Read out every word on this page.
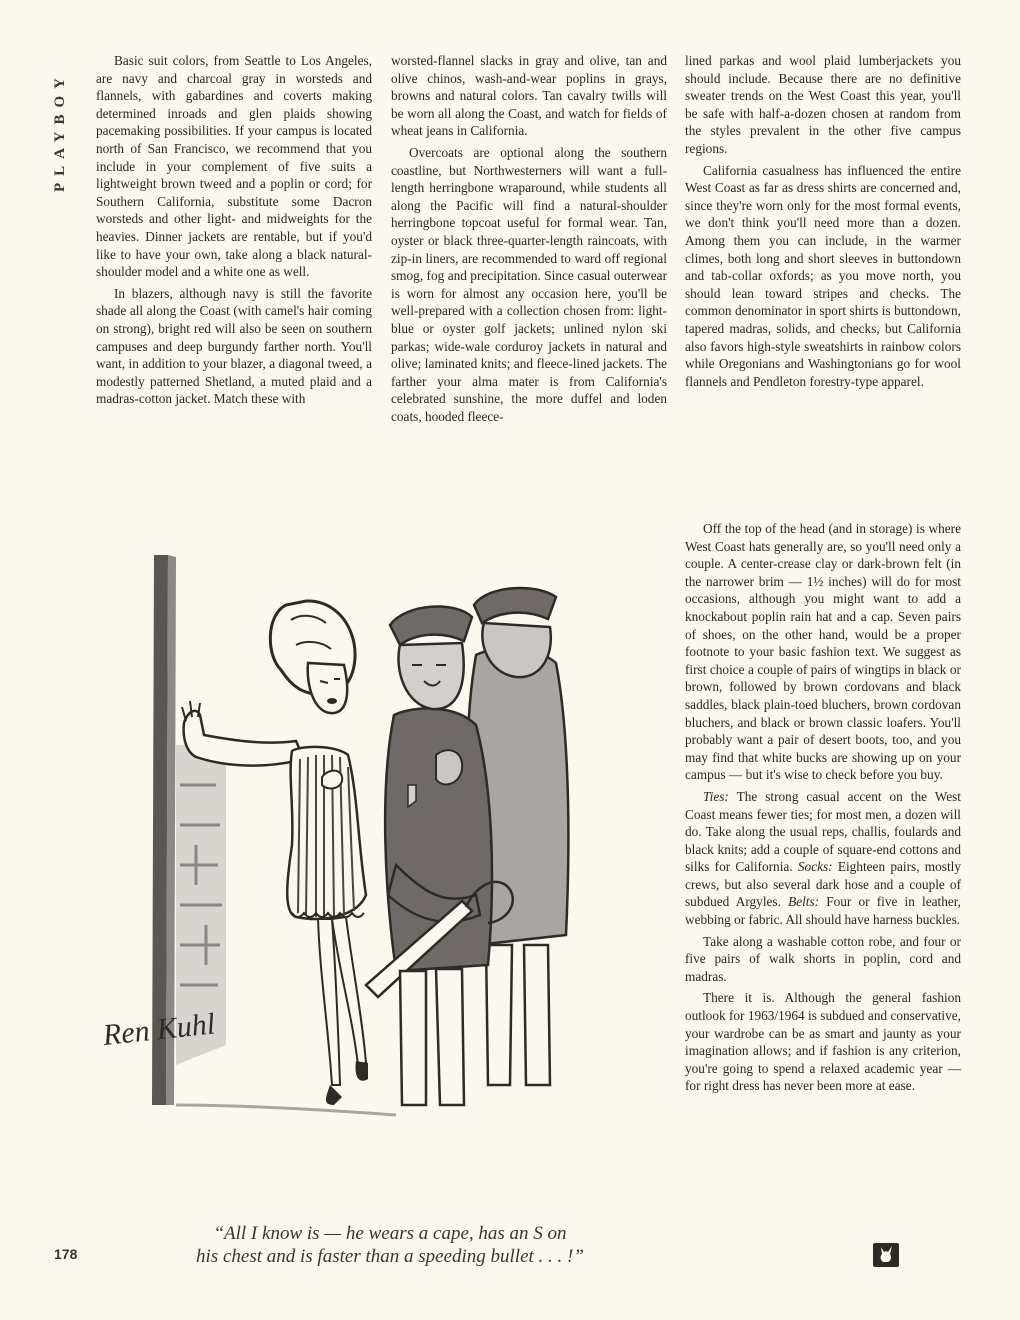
PLAYBOY

Basic suit colors, from Seattle to Los Angeles, are navy and charcoal gray in worsteds and flannels, with gabardines and coverts making determined inroads and glen plaids showing pacemaking possibilities. If your campus is located north of San Francisco, we recommend that you include in your complement of five suits a lightweight brown tweed and a poplin or cord; for Southern California, substitute some Dacron worsteds and other light- and midweights for the heavies. Dinner jackets are rentable, but if you'd like to have your own, take along a black natural-shoulder model and a white one as well.

In blazers, although navy is still the favorite shade all along the Coast (with camel's hair coming on strong), bright red will also be seen on southern campuses and deep burgundy farther north. You'll want, in addition to your blazer, a diagonal tweed, a modestly patterned Shetland, a muted plaid and a madras-cotton jacket. Match these with

worsted-flannel slacks in gray and olive, tan and olive chinos, wash-and-wear poplins in grays, browns and natural colors. Tan cavalry twills will be worn all along the Coast, and watch for fields of wheat jeans in California.

Overcoats are optional along the southern coastline, but Northwesterners will want a full-length herringbone wraparound, while students all along the Pacific will find a natural-shoulder herringbone topcoat useful for formal wear. Tan, oyster or black three-quarter-length raincoats, with zip-in liners, are recommended to ward off regional smog, fog and precipitation. Since casual outerwear is worn for almost any occasion here, you'll be well-prepared with a collection chosen from: light-blue or oyster golf jackets; unlined nylon ski parkas; wide-wale corduroy jackets in natural and olive; laminated knits; and fleece-lined jackets. The farther your alma mater is from California's celebrated sunshine, the more duffel and loden coats, hooded fleece-

lined parkas and wool plaid lumberjackets you should include. Because there are no definitive sweater trends on the West Coast this year, you'll be safe with half-a-dozen chosen at random from the styles prevalent in the other five campus regions.

California casualness has influenced the entire West Coast as far as dress shirts are concerned and, since they're worn only for the most formal events, we don't think you'll need more than a dozen. Among them you can include, in the warmer climes, both long and short sleeves in buttondown and tab-collar oxfords; as you move north, you should lean toward stripes and checks. The common denominator in sport shirts is buttondown, tapered madras, solids, and checks, but California also favors high-style sweatshirts in rainbow colors while Oregonians and Washingtonians go for wool flannels and Pendleton forestry-type apparel.

Off the top of the head (and in storage) is where West Coast hats generally are, so you'll need only a couple. A center-crease clay or dark-brown felt (in the narrower brim — 1½ inches) will do for most occasions, although you might want to add a knockabout poplin rain hat and a cap. Seven pairs of shoes, on the other hand, would be a proper footnote to your basic fashion text. We suggest as first choice a couple of pairs of wingtips in black or brown, followed by brown cordovans and black saddles, black plain-toed bluchers, brown cordovan bluchers, and black or brown classic loafers. You'll probably want a pair of desert boots, too, and you may find that white bucks are showing up on your campus — but it's wise to check before you buy.

Ties: The strong casual accent on the West Coast means fewer ties; for most men, a dozen will do. Take along the usual reps, challis, foulards and black knits; add a couple of square-end cottons and silks for California. Socks: Eighteen pairs, mostly crews, but also several dark hose and a couple of subdued Argyles. Belts: Four or five in leather, webbing or fabric. All should have harness buckles.

Take along a washable cotton robe, and four or five pairs of walk shorts in poplin, cord and madras.

There it is. Although the general fashion outlook for 1963/1964 is subdued and conservative, your wardrobe can be as smart and jaunty as your imagination allows; and if fashion is any criterion, you're going to spend a relaxed academic year — for right dress has never been more at ease.

Ren Kuhl
“All I know is — he wears a cape, has an S on
his chest and is faster than a speeding bullet . . . !”
178
